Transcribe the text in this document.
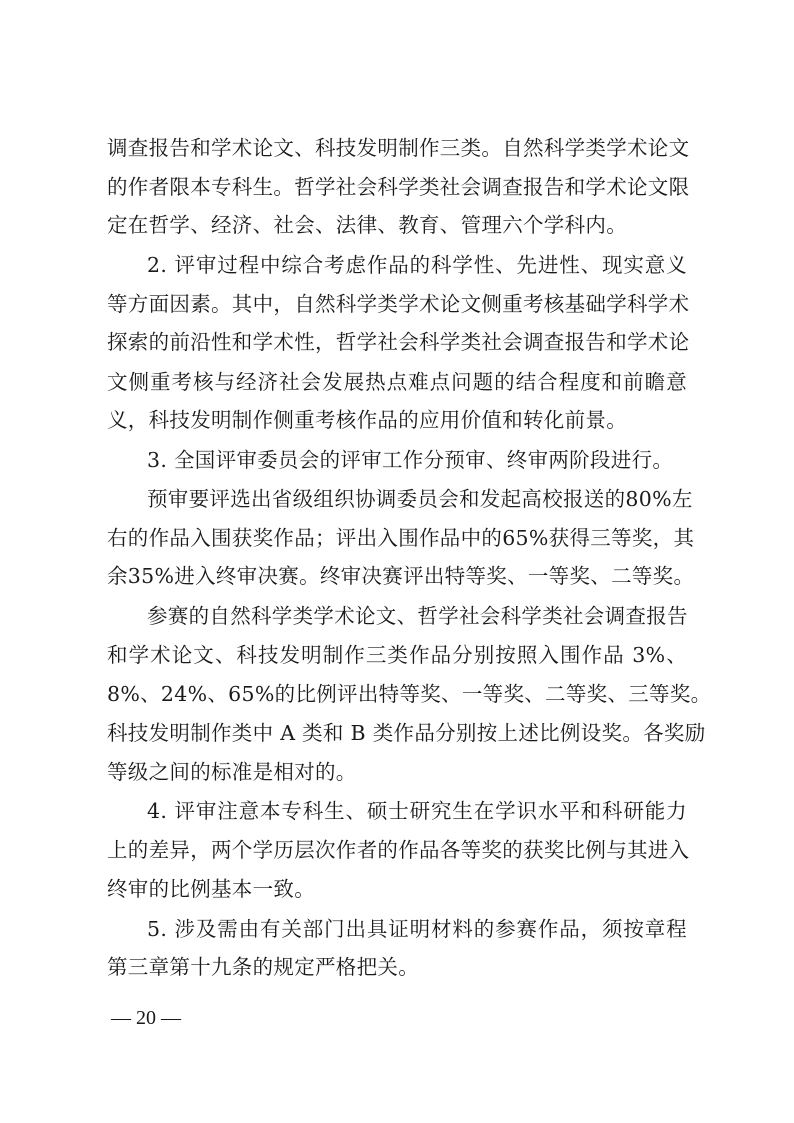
调查报告和学术论文、科技发明制作三类。自然科学类学术论文
的作者限本专科生。哲学社会科学类社会调查报告和学术论文限
定在哲学、经济、社会、法律、教育、管理六个学科内。
2. 评审过程中综合考虑作品的科学性、先进性、现实意义
等方面因素。其中，自然科学类学术论文侧重考核基础学科学术
探索的前沿性和学术性，哲学社会科学类社会调查报告和学术论
文侧重考核与经济社会发展热点难点问题的结合程度和前瞻意
义，科技发明制作侧重考核作品的应用价值和转化前景。
3. 全国评审委员会的评审工作分预审、终审两阶段进行。
预审要评选出省级组织协调委员会和发起高校报送的80%左
右的作品入围获奖作品；评出入围作品中的65%获得三等奖，其
余35%进入终审决赛。终审决赛评出特等奖、一等奖、二等奖。
参赛的自然科学类学术论文、哲学社会科学类社会调查报告
和学术论文、科技发明制作三类作品分别按照入围作品 3%、
8%、24%、65%的比例评出特等奖、一等奖、二等奖、三等奖。
科技发明制作类中 A 类和 B 类作品分别按上述比例设奖。各奖励
等级之间的标准是相对的。
4. 评审注意本专科生、硕士研究生在学识水平和科研能力
上的差异，两个学历层次作者的作品各等奖的获奖比例与其进入
终审的比例基本一致。
5. 涉及需由有关部门出具证明材料的参赛作品，须按章程
第三章第十九条的规定严格把关。
— 20 —
